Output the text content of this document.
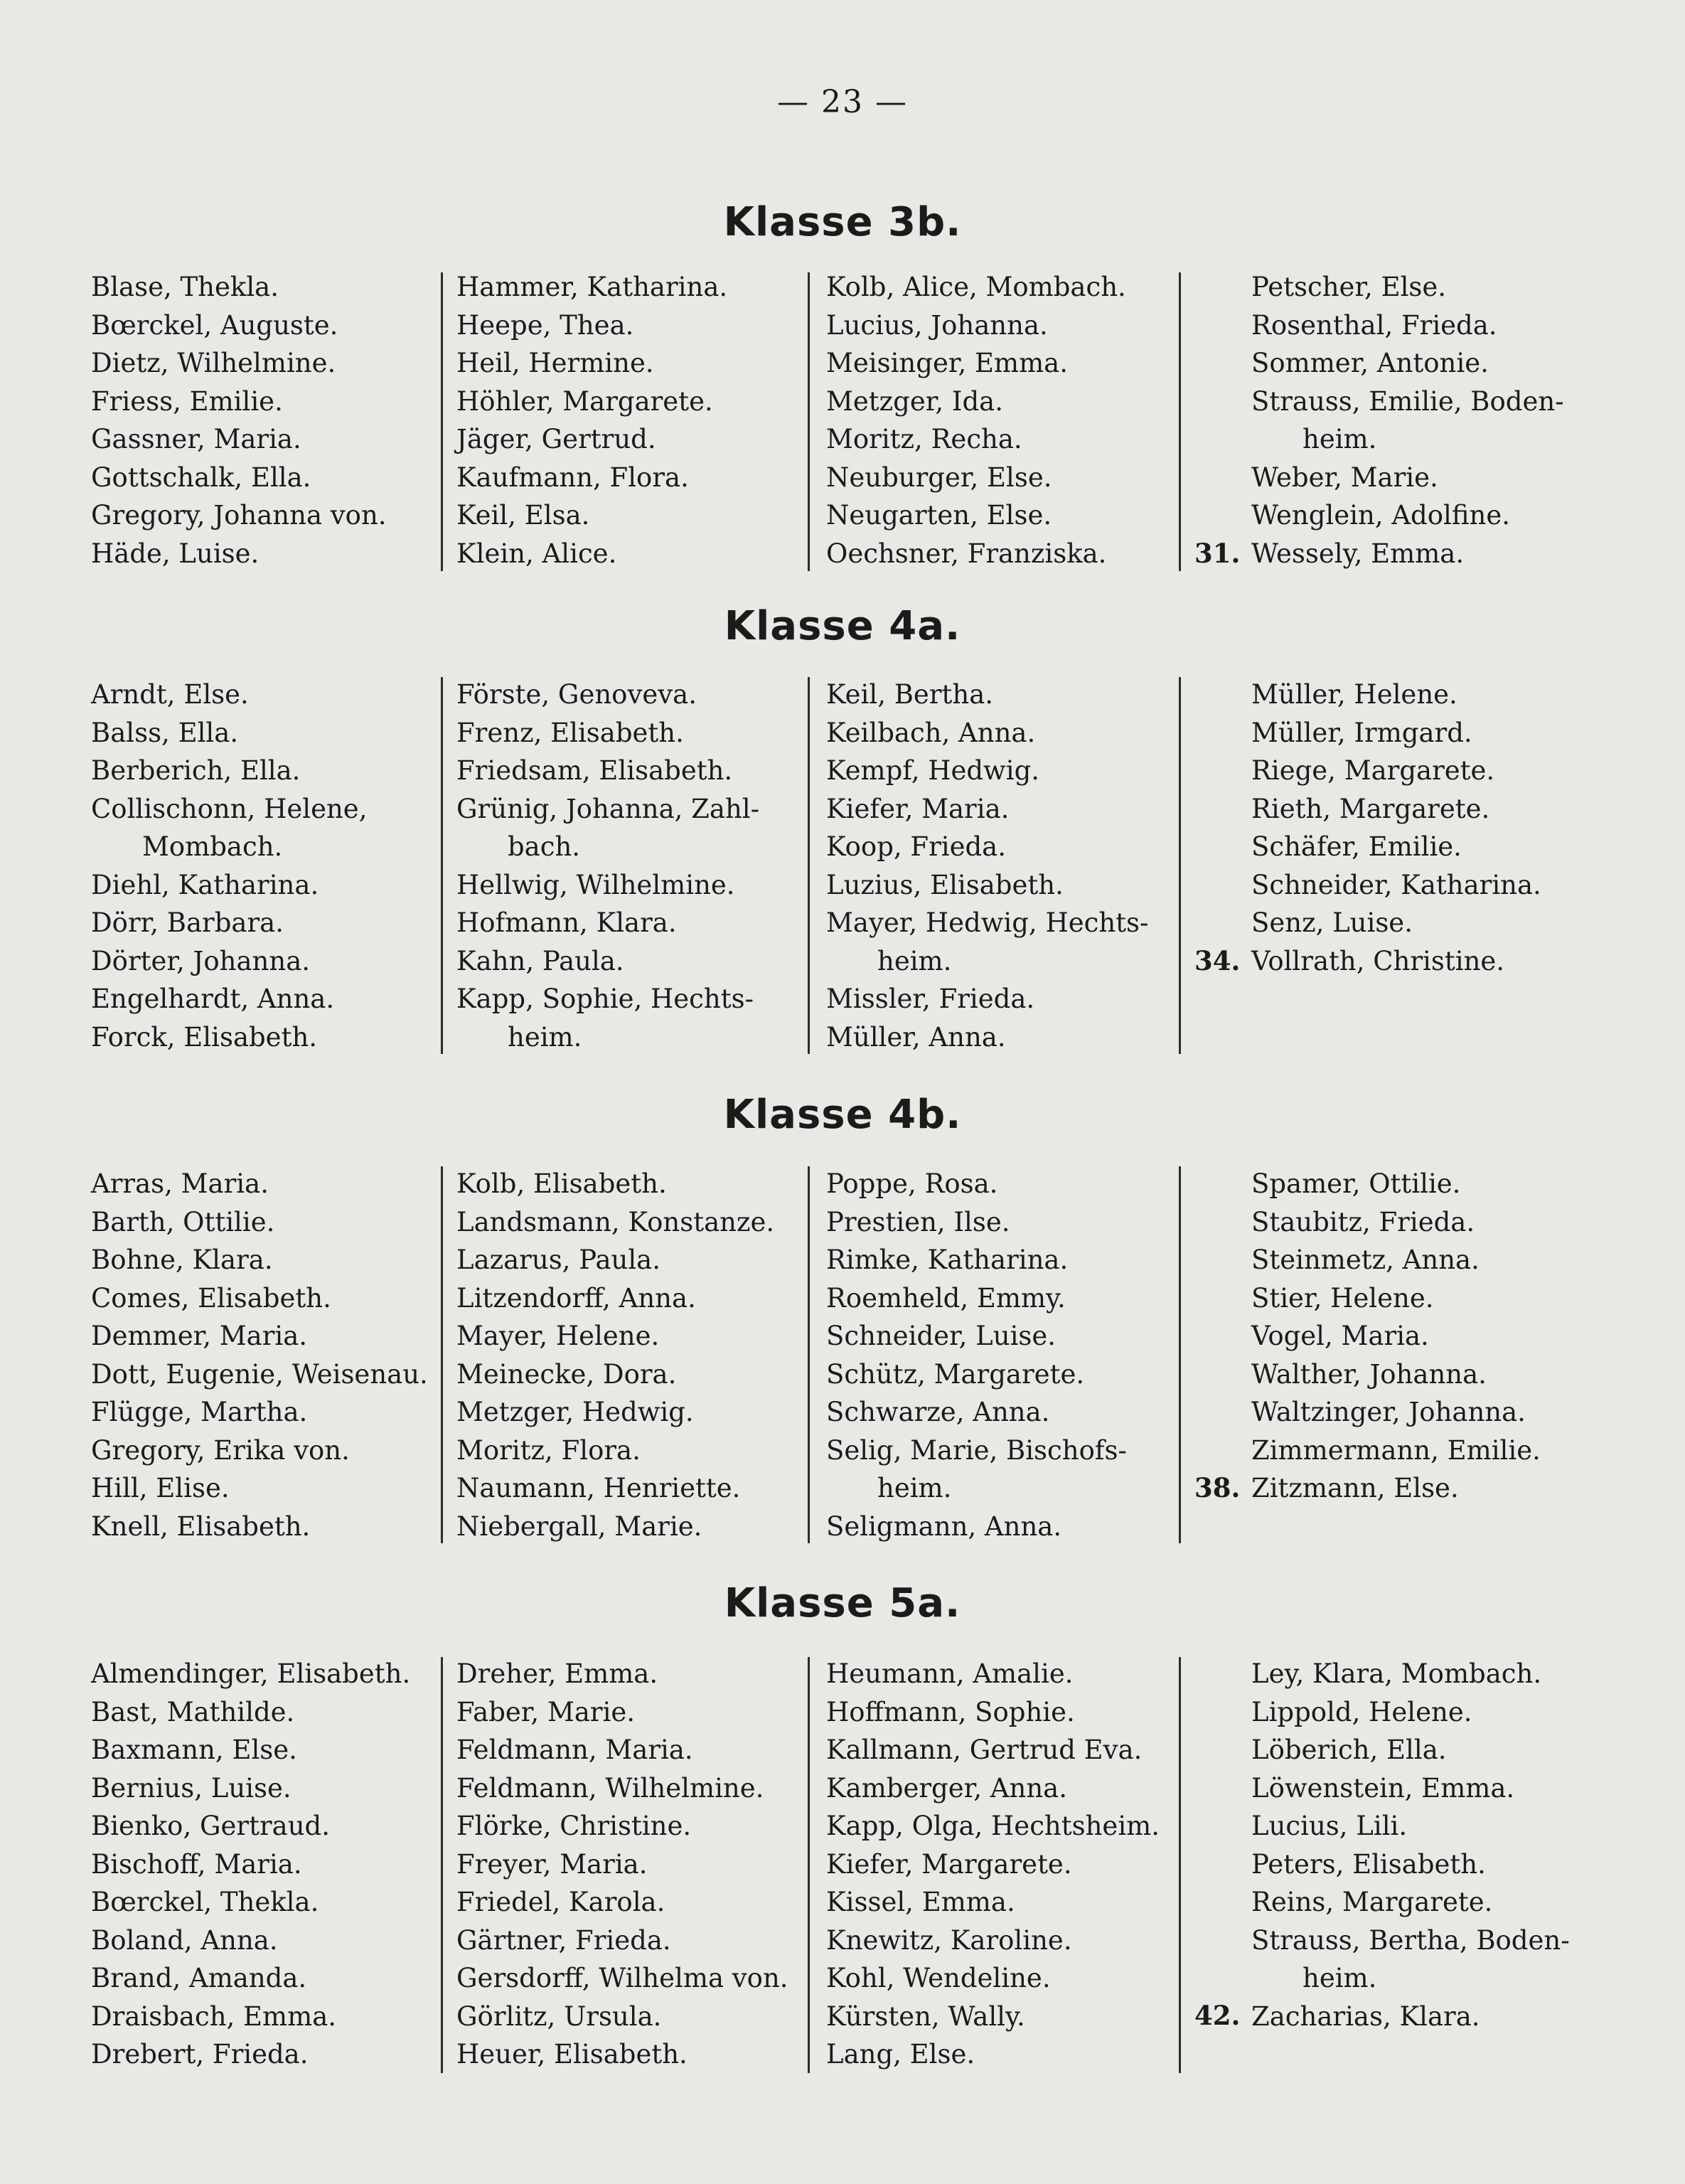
— 23 —
Klasse 3b.
Blase, Thekla.
Bœrckel, Auguste.
Dietz, Wilhelmine.
Friess, Emilie.
Gassner, Maria.
Gottschalk, Ella.
Gregory, Johanna von.
Häde, Luise.
Hammer, Katharina.
Heepe, Thea.
Heil, Hermine.
Höhler, Margarete.
Jäger, Gertrud.
Kaufmann, Flora.
Keil, Elsa.
Klein, Alice.
Kolb, Alice, Mombach.
Lucius, Johanna.
Meisinger, Emma.
Metzger, Ida.
Moritz, Recha.
Neuburger, Else.
Neugarten, Else.
Oechsner, Franziska.
Petscher, Else.
Rosenthal, Frieda.
Sommer, Antonie.
Strauss, Emilie, Boden-
heim.
Weber, Marie.
Wenglein, Adolfine.
Wessely, Emma.
31.
Klasse 4a.
Arndt, Else.
Balss, Ella.
Berberich, Ella.
Collischonn, Helene,
Mombach.
Diehl, Katharina.
Dörr, Barbara.
Dörter, Johanna.
Engelhardt, Anna.
Forck, Elisabeth.
Förste, Genoveva.
Frenz, Elisabeth.
Friedsam, Elisabeth.
Grünig, Johanna, Zahl-
bach.
Hellwig, Wilhelmine.
Hofmann, Klara.
Kahn, Paula.
Kapp, Sophie, Hechts-
heim.
Keil, Bertha.
Keilbach, Anna.
Kempf, Hedwig.
Kiefer, Maria.
Koop, Frieda.
Luzius, Elisabeth.
Mayer, Hedwig, Hechts-
heim.
Missler, Frieda.
Müller, Anna.
Müller, Helene.
Müller, Irmgard.
Riege, Margarete.
Rieth, Margarete.
Schäfer, Emilie.
Schneider, Katharina.
Senz, Luise.
Vollrath, Christine.
34.
Klasse 4b.
Arras, Maria.
Barth, Ottilie.
Bohne, Klara.
Comes, Elisabeth.
Demmer, Maria.
Dott, Eugenie, Weisenau.
Flügge, Martha.
Gregory, Erika von.
Hill, Elise.
Knell, Elisabeth.
Kolb, Elisabeth.
Landsmann, Konstanze.
Lazarus, Paula.
Litzendorff, Anna.
Mayer, Helene.
Meinecke, Dora.
Metzger, Hedwig.
Moritz, Flora.
Naumann, Henriette.
Niebergall, Marie.
Poppe, Rosa.
Prestien, Ilse.
Rimke, Katharina.
Roemheld, Emmy.
Schneider, Luise.
Schütz, Margarete.
Schwarze, Anna.
Selig, Marie, Bischofs-
heim.
Seligmann, Anna.
Spamer, Ottilie.
Staubitz, Frieda.
Steinmetz, Anna.
Stier, Helene.
Vogel, Maria.
Walther, Johanna.
Waltzinger, Johanna.
Zimmermann, Emilie.
Zitzmann, Else.
38.
Klasse 5a.
Almendinger, Elisabeth.
Bast, Mathilde.
Baxmann, Else.
Bernius, Luise.
Bienko, Gertraud.
Bischoff, Maria.
Bœrckel, Thekla.
Boland, Anna.
Brand, Amanda.
Draisbach, Emma.
Drebert, Frieda.
Dreher, Emma.
Faber, Marie.
Feldmann, Maria.
Feldmann, Wilhelmine.
Flörke, Christine.
Freyer, Maria.
Friedel, Karola.
Gärtner, Frieda.
Gersdorff, Wilhelma von.
Görlitz, Ursula.
Heuer, Elisabeth.
Heumann, Amalie.
Hoffmann, Sophie.
Kallmann, Gertrud Eva.
Kamberger, Anna.
Kapp, Olga, Hechtsheim.
Kiefer, Margarete.
Kissel, Emma.
Knewitz, Karoline.
Kohl, Wendeline.
Kürsten, Wally.
Lang, Else.
Ley, Klara, Mombach.
Lippold, Helene.
Löberich, Ella.
Löwenstein, Emma.
Lucius, Lili.
Peters, Elisabeth.
Reins, Margarete.
Strauss, Bertha, Boden-
heim.
Zacharias, Klara.
42.
